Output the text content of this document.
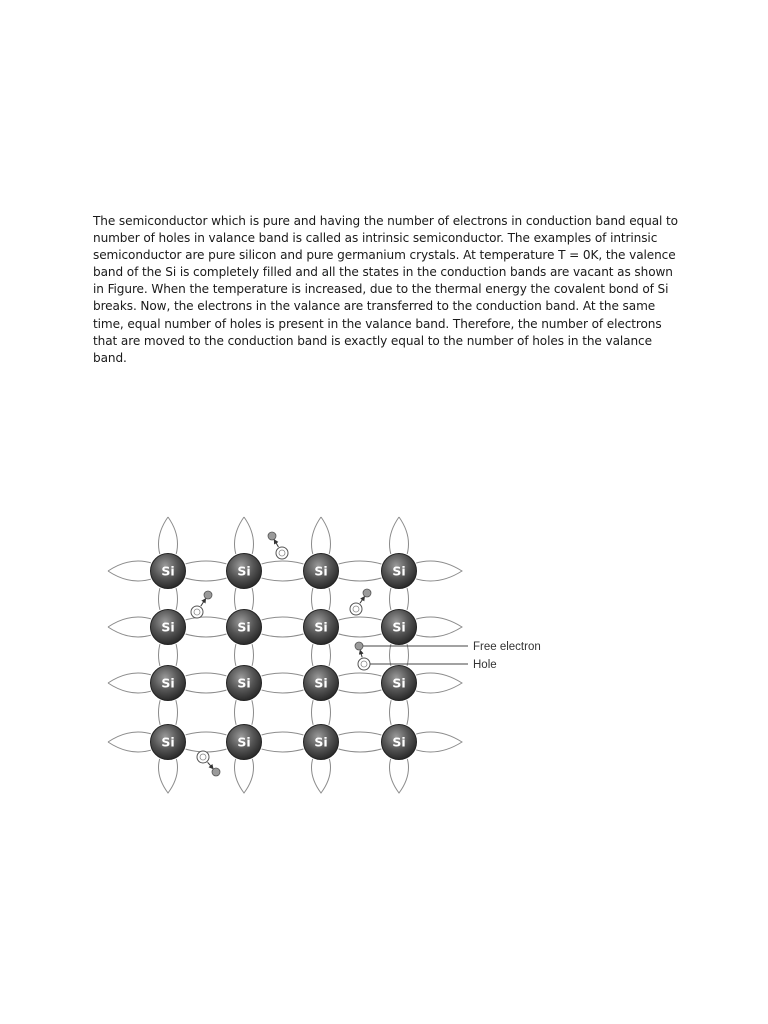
The semiconductor which is pure and having the number of electrons in conduction band equal to number of holes in valance band is called as intrinsic semiconductor. The examples of intrinsic semiconductor are pure silicon and pure germanium crystals. At temperature T = 0K, the valence band of the Si is completely filled and all the states in the conduction bands are vacant as shown in Figure. When the temperature is increased, due to the thermal energy the covalent bond of Si breaks. Now, the electrons in the valance are transferred to the conduction band. At the same time, equal number of holes is present in the valance band. Therefore, the number of electrons that are moved to the conduction band is exactly equal to the number of holes in the valance band.

Si	Si	Si	Si
Si	Si	Si	Si
Si	Si	Si	Si
Si	Si	Si	Si
Free electron
Hole
